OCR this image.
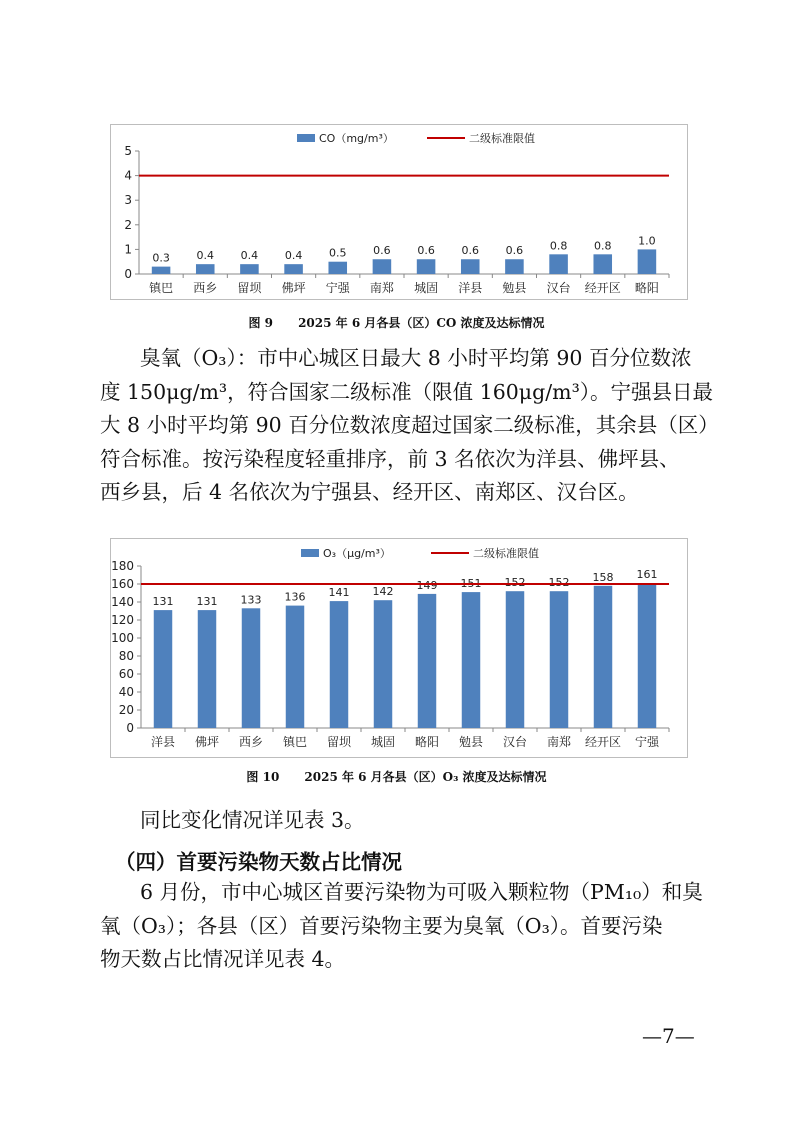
CO（mg/m³）	二级标准限值
0
1
2
3
4
5
0.3
镇巴
0.4
西乡
0.4
留坝
0.4
佛坪
0.5
宁强
0.6
南郑
0.6
城固
0.6
洋县
0.6
勉县
0.8
汉台
0.8
经开区
1.0
略阳
图 9 2025 年 6 月各县（区）CO 浓度及达标情况
臭氧（O₃）：市中心城区日最大 8 小时平均第 90 百分位数浓
度 150μg/m³，符合国家二级标准（限值 160μg/m³）。宁强县日最
大 8 小时平均第 90 百分位数浓度超过国家二级标准，其余县（区）
符合标准。按污染程度轻重排序，前 3 名依次为洋县、佛坪县、
西乡县，后 4 名依次为宁强县、经开区、南郑区、汉台区。
O₃（μg/m³）	二级标准限值
0
20
40
60
80
100
120
140
160
180
131
洋县
131
佛坪
133
西乡
136
镇巴
141
留坝
142
城固
149
略阳
151
勉县
152
汉台
152
南郑
158
经开区
161
宁强
图 10 2025 年 6 月各县（区）O₃ 浓度及达标情况
同比变化情况详见表 3。
（四）首要污染物天数占比情况
6 月份，市中心城区首要污染物为可吸入颗粒物（PM₁₀）和臭
氧（O₃）；各县（区）首要污染物主要为臭氧（O₃）。首要污染
物天数占比情况详见表 4。
—7—
